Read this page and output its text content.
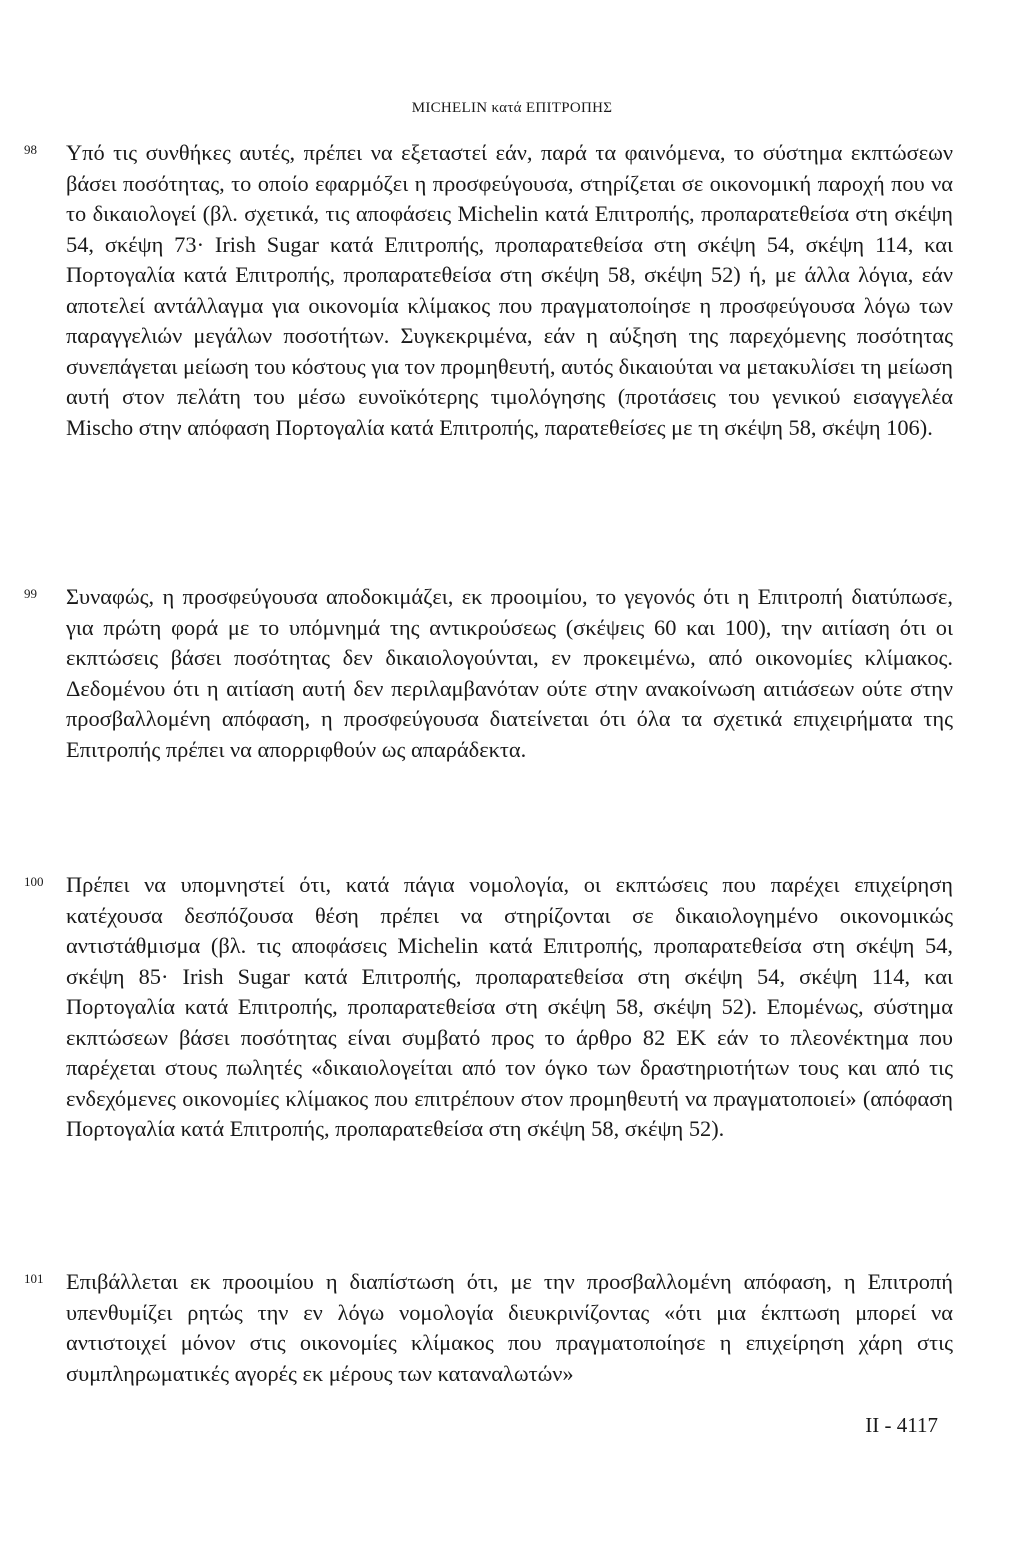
MICHELIN κατά ΕΠΙΤΡΟΠΗΣ
98 Υπό τις συνθήκες αυτές, πρέπει να εξεταστεί εάν, παρά τα φαινόμενα, το σύστημα εκπτώσεων βάσει ποσότητας, το οποίο εφαρμόζει η προσφεύγουσα, στηρίζεται σε οικονομική παροχή που να το δικαιολογεί (βλ. σχετικά, τις αποφάσεις Michelin κατά Επιτροπής, προπαρατεθείσα στη σκέψη 54, σκέψη 73· Irish Sugar κατά Επιτροπής, προπαρατεθείσα στη σκέψη 54, σκέψη 114, και Πορτογαλία κατά Επιτροπής, προπαρατεθείσα στη σκέψη 58, σκέψη 52) ή, με άλλα λόγια, εάν αποτελεί αντάλλαγμα για οικονομία κλίμακος που πραγματοποίησε η προσφεύγουσα λόγω των παραγγελιών μεγάλων ποσοτήτων. Συγκεκριμένα, εάν η αύξηση της παρεχόμενης ποσότητας συνεπάγεται μείωση του κόστους για τον προμηθευτή, αυτός δικαιούται να μετακυλίσει τη μείωση αυτή στον πελάτη του μέσω ευνοϊκότερης τιμολόγησης (προτάσεις του γενικού εισαγγελέα Mischo στην απόφαση Πορτογαλία κατά Επιτροπής, παρατεθείσες με τη σκέψη 58, σκέψη 106).

99 Συναφώς, η προσφεύγουσα αποδοκιμάζει, εκ προοιμίου, το γεγονός ότι η Επιτροπή διατύπωσε, για πρώτη φορά με το υπόμνημά της αντικρούσεως (σκέψεις 60 και 100), την αιτίαση ότι οι εκπτώσεις βάσει ποσότητας δεν δικαιολογούνται, εν προκειμένω, από οικονομίες κλίμακος. Δεδομένου ότι η αιτίαση αυτή δεν περιλαμβανόταν ούτε στην ανακοίνωση αιτιάσεων ούτε στην προσβαλλομένη απόφαση, η προσφεύγουσα διατείνεται ότι όλα τα σχετικά επιχειρήματα της Επιτροπής πρέπει να απορριφθούν ως απαράδεκτα.

100 Πρέπει να υπομνηστεί ότι, κατά πάγια νομολογία, οι εκπτώσεις που παρέχει επιχείρηση κατέχουσα δεσπόζουσα θέση πρέπει να στηρίζονται σε δικαιολογημένο οικονομικώς αντιστάθμισμα (βλ. τις αποφάσεις Michelin κατά Επιτροπής, προπαρατεθείσα στη σκέψη 54, σκέψη 85· Irish Sugar κατά Επιτροπής, προπαρατεθείσα στη σκέψη 54, σκέψη 114, και Πορτογαλία κατά Επιτροπής, προπαρατεθείσα στη σκέψη 58, σκέψη 52). Επομένως, σύστημα εκπτώσεων βάσει ποσότητας είναι συμβατό προς το άρθρο 82 ΕΚ εάν το πλεονέκτημα που παρέχεται στους πωλητές «δικαιολογείται από τον όγκο των δραστηριοτήτων τους και από τις ενδεχόμενες οικονομίες κλίμακος που επιτρέπουν στον προμηθευτή να πραγματοποιεί» (απόφαση Πορτογαλία κατά Επιτροπής, προπαρατεθείσα στη σκέψη 58, σκέψη 52).

101 Επιβάλλεται εκ προοιμίου η διαπίστωση ότι, με την προσβαλλομένη απόφαση, η Επιτροπή υπενθυμίζει ρητώς την εν λόγω νομολογία διευκρινίζοντας «ότι μια έκπτωση μπορεί να αντιστοιχεί μόνον στις οικονομίες κλίμακος που πραγματοποίησε η επιχείρηση χάρη στις συμπληρωματικές αγορές εκ μέρους των καταναλωτών»

II - 4117
